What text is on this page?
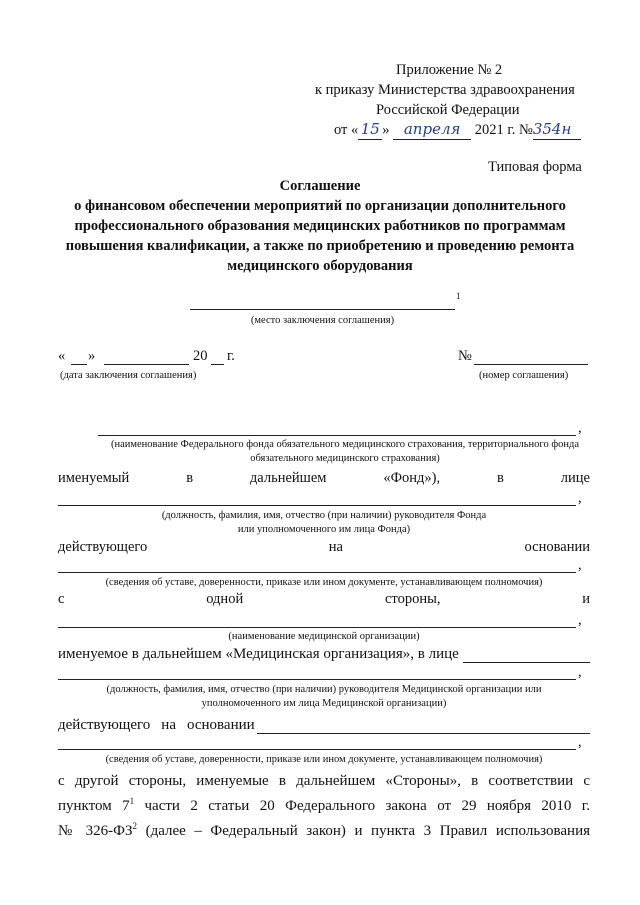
Приложение № 2
к приказу Министерства здравоохранения
Российской Федерации
от « 15 » апреля 2021 г. №354н
Типовая форма
Соглашение
о финансовом обеспечении мероприятий по организации дополнительного
профессионального образования медицинских работников по программам
повышения квалификации, а также по приобретению и проведению ремонта
медицинского оборудования
1
(место заключения соглашения)
« »	20 г.	№
(дата заключения соглашения)	(номер соглашения)
,
(наименование Федерального фонда обязательного медицинского страхования, территориального фонда
обязательного медицинского страхования)
именуемый	в	дальнейшем	«Фонд»),	в	лице
,
(должность, фамилия, имя, отчество (при наличии) руководителя Фонда
или уполномоченного им лица Фонда)
действующего	на	основании
,
(сведения об уставе, доверенности, приказе или ином документе, устанавливающем полномочия)
с	одной	стороны,	и
,
(наименование медицинской организации)
именуемое в дальнейшем «Медицинская организация», в лице
,
(должность, фамилия, имя, отчество (при наличии) руководителя Медицинской организации или
уполномоченного им лица Медицинской организации)
действующего на основании
,
(сведения об уставе, доверенности, приказе или ином документе, устанавливающем полномочия)
с другой стороны, именуемые в дальнейшем «Стороны», в соответствии с
пунктом $7^1$ части 2 статьи 20 Федерального закона от 29 ноября 2010 г.
№ $326-ФЗ^2$ (далее – Федеральный закон) и пункта 3 Правил использования
